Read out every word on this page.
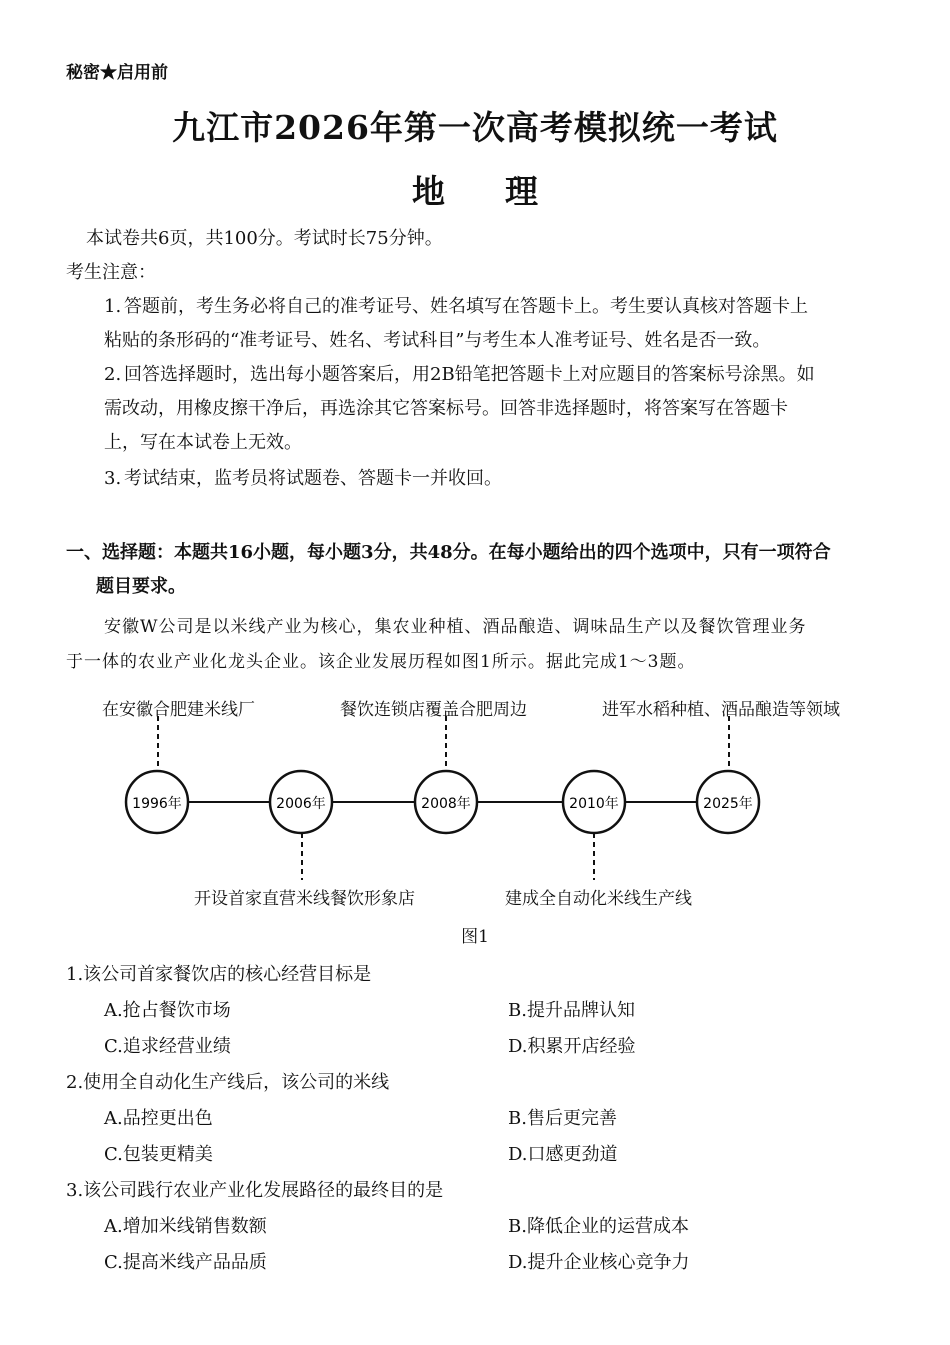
秘密★启用前
九江市2026年第一次高考模拟统一考试
地理
本试卷共6页，共100分。考试时长75分钟。
考生注意：
1. 答题前，考生务必将自己的准考证号、姓名填写在答题卡上。考生要认真核对答题卡上
粘贴的条形码的“准考证号、姓名、考试科目”与考生本人准考证号、姓名是否一致。
2. 回答选择题时，选出每小题答案后，用2B铅笔把答题卡上对应题目的答案标号涂黑。如
需改动，用橡皮擦干净后，再选涂其它答案标号。回答非选择题时，将答案写在答题卡
上，写在本试卷上无效。
3. 考试结束，监考员将试题卷、答题卡一并收回。
一、选择题：本题共16小题，每小题3分，共48分。在每小题给出的四个选项中，只有一项符合
题目要求。
安徽W公司是以米线产业为核心，集农业种植、酒品酿造、调味品生产以及餐饮管理业务
于一体的农业产业化龙头企业。该企业发展历程如图1所示。据此完成1～3题。
1996年	2006年	2008年	2010年	2025年
在安徽合肥建米线厂	餐饮连锁店覆盖合肥周边	进军水稻种植、酒品酿造等领域
开设首家直营米线餐饮形象店	建成全自动化米线生产线
图1
1.该公司首家餐饮店的核心经营目标是
A.抢占餐饮市场	B.提升品牌认知
C.追求经营业绩	D.积累开店经验
2.使用全自动化生产线后，该公司的米线
A.品控更出色	B.售后更完善
C.包装更精美	D.口感更劲道
3.该公司践行农业产业化发展路径的最终目的是
A.增加米线销售数额	B.降低企业的运营成本
C.提高米线产品品质	D.提升企业核心竞争力
